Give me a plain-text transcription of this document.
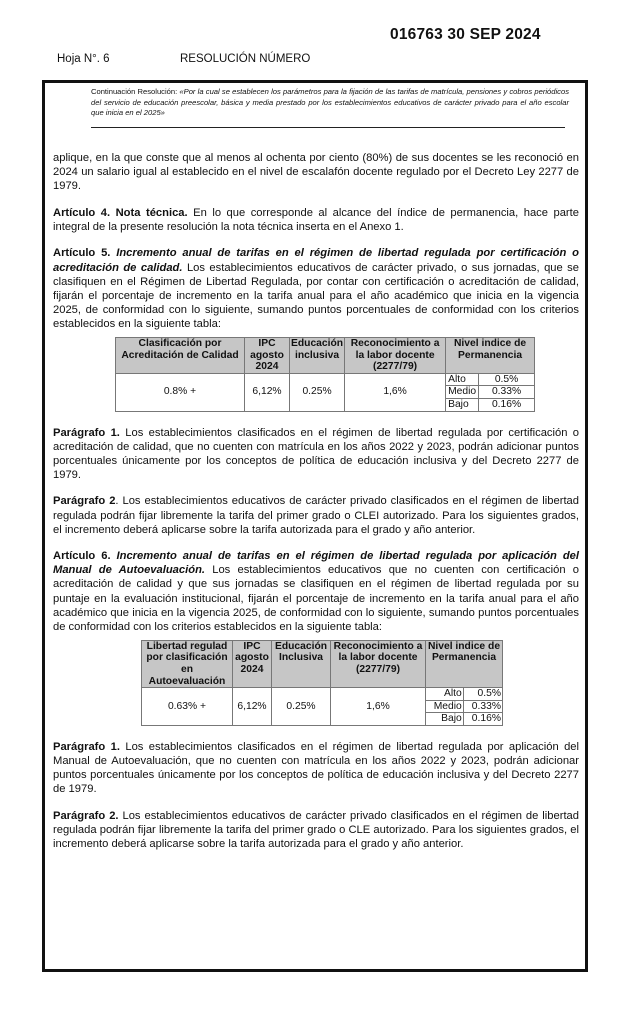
016763 30 SEP 2024
Hoja N°. 6	RESOLUCIÓN NÚMERO
Continuación Resolución: «Por la cual se establecen los parámetros para la fijación de las tarifas de matrícula, pensiones y cobros periódicos del servicio de educación preescolar, básica y media prestado por los establecimientos educativos de carácter privado para el año escolar que inicia en el 2025»

aplique, en la que conste que al menos al ochenta por ciento (80%) de sus docentes se les reconoció en 2024 un salario igual al establecido en el nivel de escalafón docente regulado por el Decreto Ley 2277 de 1979.

Artículo 4. Nota técnica. En lo que corresponde al alcance del índice de permanencia, hace parte integral de la presente resolución la nota técnica inserta en el Anexo 1.

Artículo 5. Incremento anual de tarifas en el régimen de libertad regulada por certificación o acreditación de calidad. Los establecimientos educativos de carácter privado, o sus jornadas, que se clasifiquen en el Régimen de Libertad Regulada, por contar con certificación o acreditación de calidad, fijarán el porcentaje de incremento en la tarifa anual para el año académico que inicia en la vigencia 2025, de conformidad con lo siguiente, sumando puntos porcentuales de conformidad con los criterios establecidos en la siguiente tabla:

Clasificación por Acreditación de Calidad	IPC agosto 2024	Educación inclusiva	Reconocimiento a la labor docente (2277/79)	Nivel indice de Permanencia	
0.8% +	6,12%	0.25%	1,6%	Alto	0.5%
				Medio	0.33%
				Bajo	0.16%

Parágrafo 1. Los establecimientos clasificados en el régimen de libertad regulada por certificación o acreditación de calidad, que no cuenten con matrícula en los años 2022 y 2023, podrán adicionar puntos porcentuales únicamente por los conceptos de política de educación inclusiva y del Decreto 2277 de 1979.

Parágrafo 2. Los establecimientos educativos de carácter privado clasificados en el régimen de libertad regulada podrán fijar libremente la tarifa del primer grado o CLEI autorizado. Para los siguientes grados, el incremento deberá aplicarse sobre la tarifa autorizada para el grado y año anterior.

Artículo 6. Incremento anual de tarifas en el régimen de libertad regulada por aplicación del Manual de Autoevaluación. Los establecimientos educativos que no cuenten con certificación o acreditación de calidad y que sus jornadas se clasifiquen en el régimen de libertad regulada por su puntaje en la evaluación institucional, fijarán el porcentaje de incremento en la tarifa anual para el año académico que inicia en la vigencia 2025, de conformidad con lo siguiente, sumando puntos porcentuales de conformidad con los criterios establecidos en la siguiente tabla:

Libertad regulad por clasificación en Autoevaluación	IPC agosto 2024	Educación Inclusiva	Reconocimiento a la labor docente (2277/79)	Nivel indice de Permanencia	
0.63% +	6,12%	0.25%	1,6%	Alto	0.5%
				Medio	0.33%
				Bajo	0.16%

Parágrafo 1. Los establecimientos clasificados en el régimen de libertad regulada por aplicación del Manual de Autoevaluación, que no cuenten con matrícula en los años 2022 y 2023, podrán adicionar puntos porcentuales únicamente por los conceptos de política de educación inclusiva y del Decreto 2277 de 1979.

Parágrafo 2. Los establecimientos educativos de carácter privado clasificados en el régimen de libertad regulada podrán fijar libremente la tarifa del primer grado o CLE autorizado. Para los siguientes grados, el incremento deberá aplicarse sobre la tarifa autorizada para el grado y año anterior.
